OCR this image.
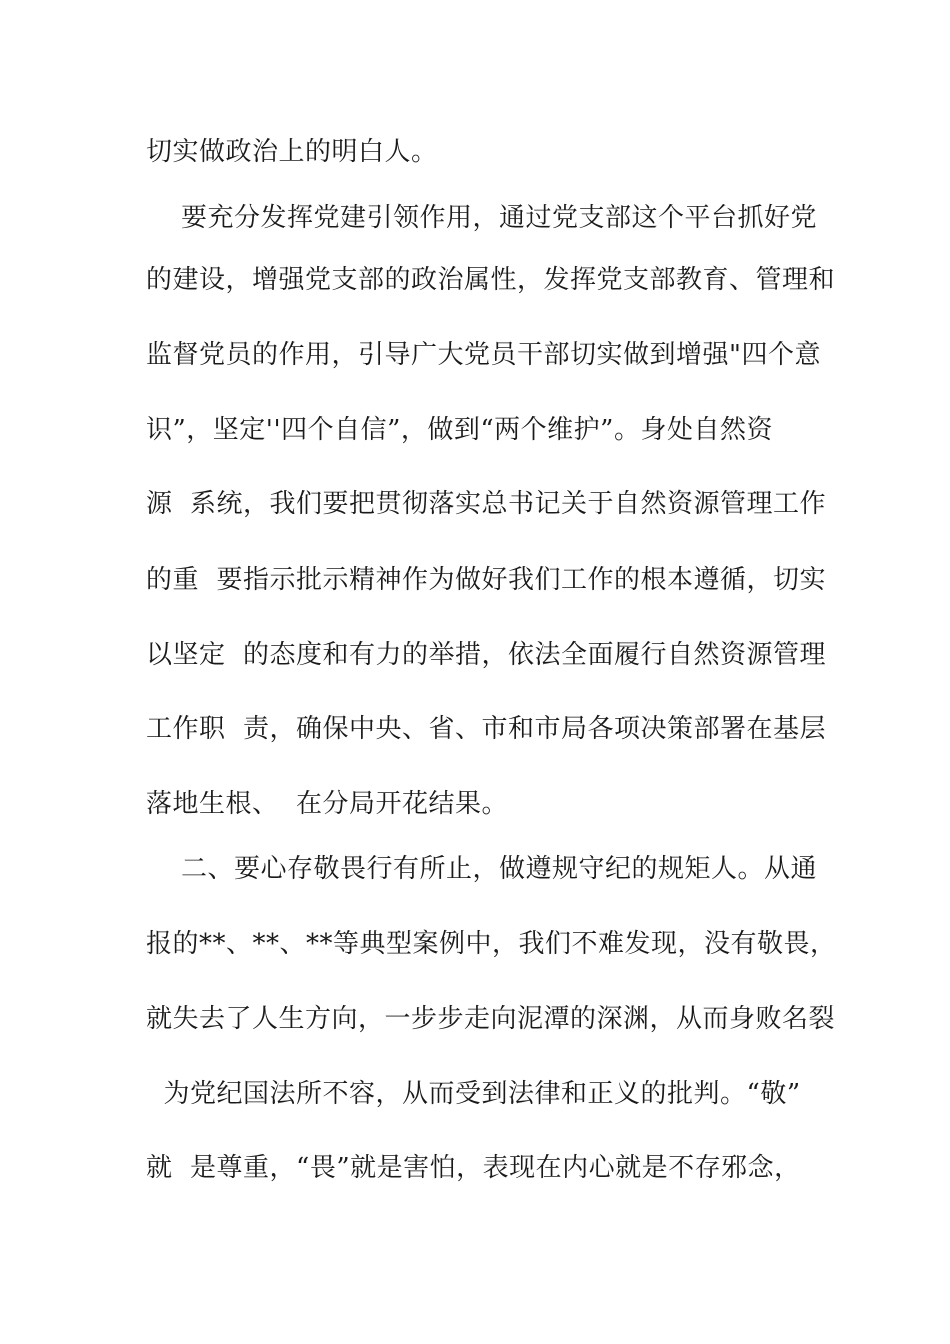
切实做政治上的明白人。
要充分发挥党建引领作用，通过党支部这个平台抓好党
的建设，增强党支部的政治属性，发挥党支部教育、管理和
监督党员的作用，引导广大党员干部切实做到增强"四个意
识”，坚定''四个自信”，做到“两个维护”。身处自然资
源  系统，我们要把贯彻落实总书记关于自然资源管理工作
的重  要指示批示精神作为做好我们工作的根本遵循，切实
以坚定  的态度和有力的举措，依法全面履行自然资源管理
工作职  责，确保中央、省、市和市局各项决策部署在基层
落地生根、  在分局开花结果。
二、要心存敬畏行有所止，做遵规守纪的规矩人。从通
报的**、**、**等典型案例中，我们不难发现，没有敬畏，
就失去了人生方向，一步步走向泥潭的深渊，从而身败名裂
为党纪国法所不容，从而受到法律和正义的批判。“敬”
就  是尊重，“畏”就是害怕，表现在内心就是不存邪念，
